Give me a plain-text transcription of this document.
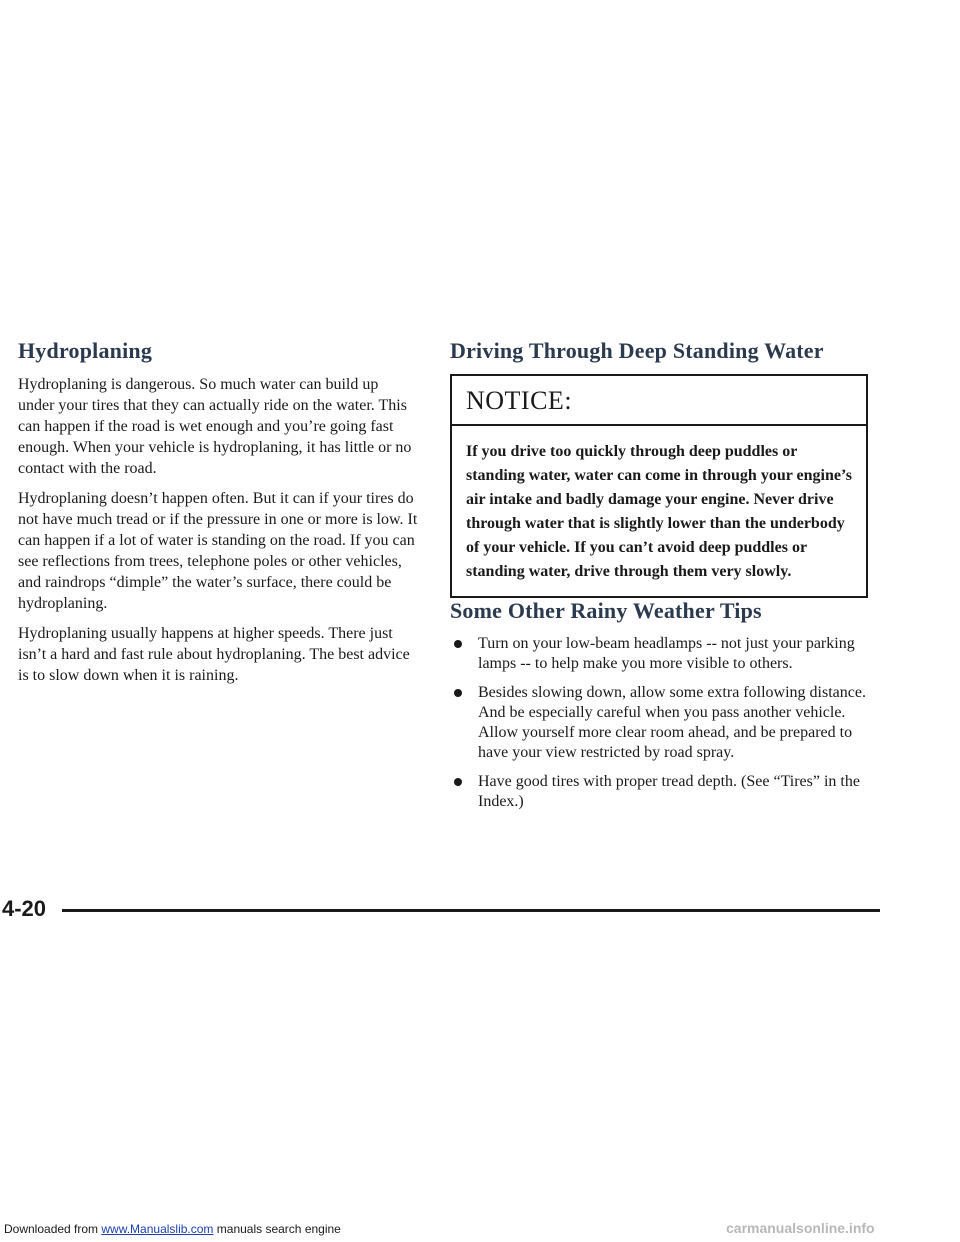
Hydroplaning

Hydroplaning is dangerous. So much water can build up under your tires that they can actually ride on the water. This can happen if the road is wet enough and you’re going fast enough. When your vehicle is hydroplaning, it has little or no contact with the road.

Hydroplaning doesn’t happen often. But it can if your tires do not have much tread or if the pressure in one or more is low. It can happen if a lot of water is standing on the road. If you can see reflections from trees, telephone poles or other vehicles, and raindrops “dimple” the water’s surface, there could be hydroplaning.

Hydroplaning usually happens at higher speeds. There just isn’t a hard and fast rule about hydroplaning. The best advice is to slow down when it is raining.

Driving Through Deep Standing Water
NOTICE:
If you drive too quickly through deep puddles or standing water, water can come in through your engine’s air intake and badly damage your engine. Never drive through water that is slightly lower than the underbody of your vehicle. If you can’t avoid deep puddles or standing water, drive through them very slowly.
Some Other Rainy Weather Tips
Turn on your low-beam headlamps -- not just your parking lamps -- to help make you more visible to others.
Besides slowing down, allow some extra following distance. And be especially careful when you pass another vehicle. Allow yourself more clear room ahead, and be prepared to have your view restricted by road spray.
Have good tires with proper tread depth. (See “Tires” in the Index.)
4-20
Downloaded from www.Manualslib.com manuals search engine	carmanualsonline.info
